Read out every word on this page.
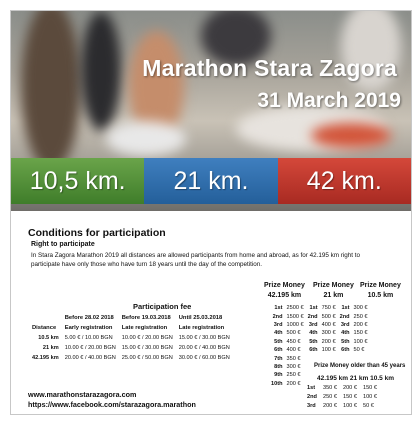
Marathon Stara Zagora
31 March 2019
10,5 km.	21 km.	42 km.
Conditions for participation
Right to participate
In Stara Zagora Marathon 2019 all distances are allowed participants from home and abroad, as for 42.195 km right to participate have only those who have turn 18 years until the day of the competition.
Participation fee
	Before 28.02 2018	Before 19.03.2018	Until 25.03.2018
Distance	Early registration	Late registration	Late registration
10.5 km	5.00 € / 10.00 BGN	10.00 € / 20.00 BGN	15.00 € / 30.00 BGN
21 km	10.00 € / 20.00 BGN	15.00 € / 30.00 BGN	20.00 € / 40.00 BGN
42.195 km	20.00 € / 40.00 BGN	25.00 € / 50.00 BGN	30.00 € / 60.00 BGN
Prize Money
42.195 km
Prize Money
21 km
Prize Money
10.5 km
1st	2500 €	1st	750 €	1st	300 €
2nd	1500 €	2nd	500 €	2nd	250 €
3rd	1000 €	3rd	400 €	3rd	200 €
4th	500 €	4th	300 €	4th	150 €
5th	450 €	5th	200 €	5th	100 €
6th	400 €	6th	100 €	6th	50 €
7th	350 €				
8th	300 €				
9th	250 €				
10th	200 €				
Prize Money older than 45 years
42.195 km 21 km 10.5 km
1st	350 €	200 €	150 €
2nd	250 €	150 €	100 €
3rd	200 €	100 €	50 €
www.marathonstarazagora.com
https://www.facebook.com/starazagora.marathon
